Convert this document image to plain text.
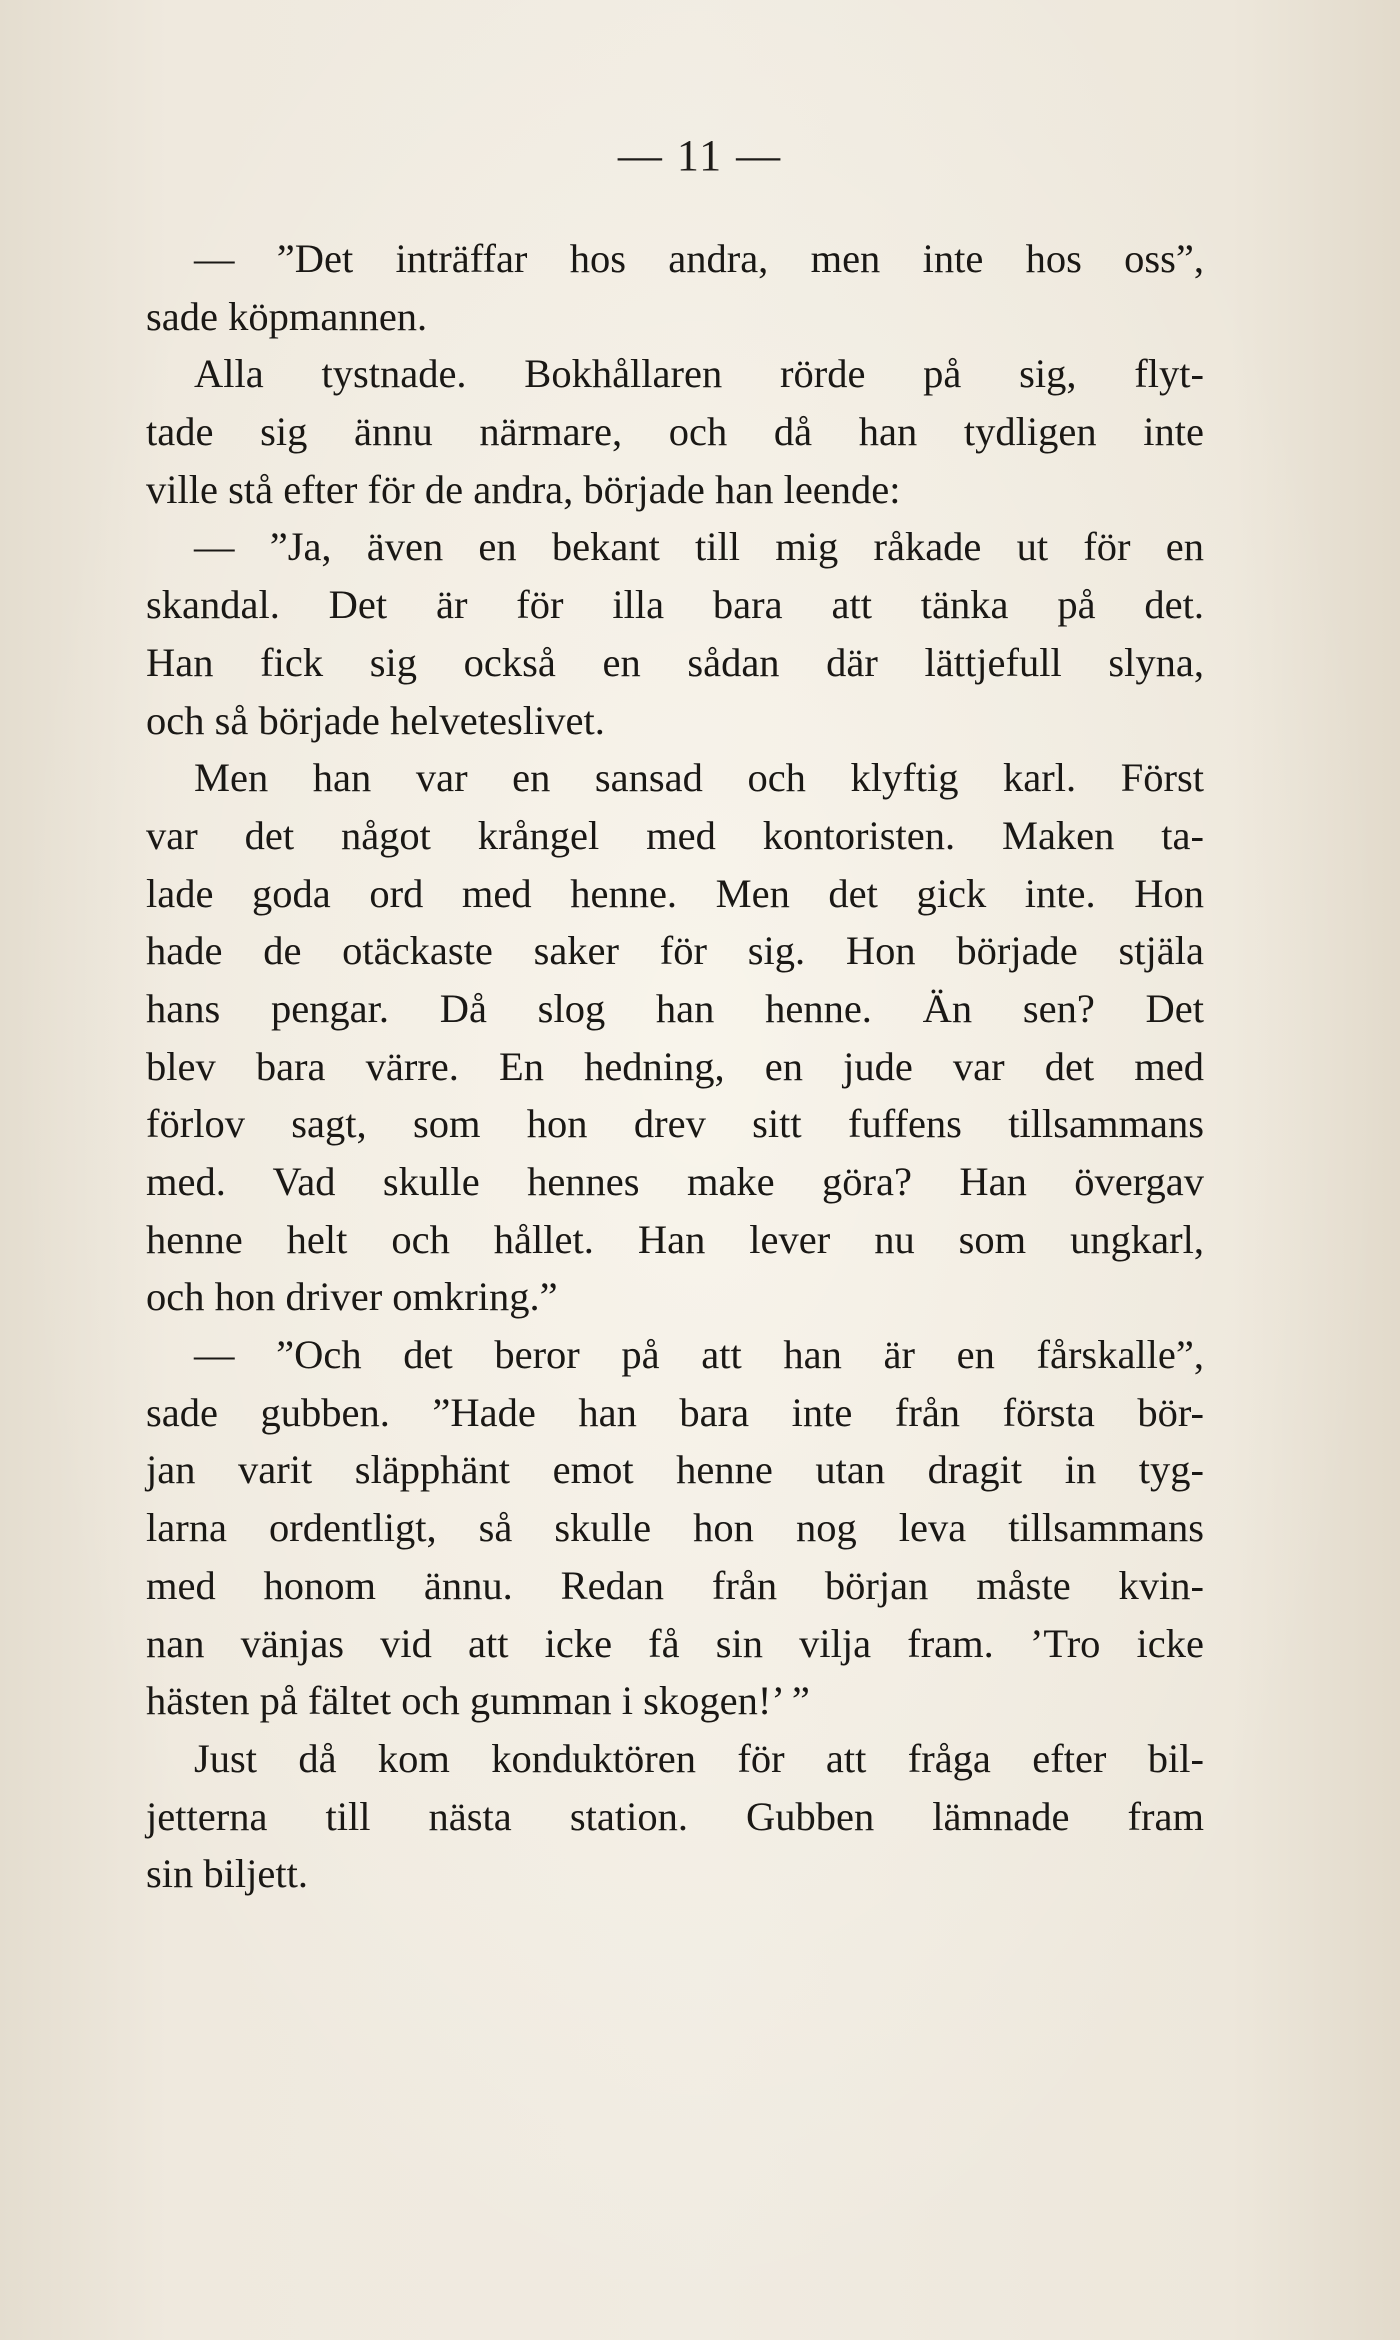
— 11 —
— ”Det inträffar hos andra, men inte hos oss”,
sade köpmannen.
Alla tystnade. Bokhållaren rörde på sig, flyt-
tade sig ännu närmare, och då han tydligen inte
ville stå efter för de andra, började han leende:
— ”Ja, även en bekant till mig råkade ut för en
skandal. Det är för illa bara att tänka på det.
Han fick sig också en sådan där lättjefull slyna,
och så började helveteslivet.
Men han var en sansad och klyftig karl. Först
var det något krångel med kontoristen. Maken ta-
lade goda ord med henne. Men det gick inte. Hon
hade de otäckaste saker för sig. Hon började stjäla
hans pengar. Då slog han henne. Än sen? Det
blev bara värre. En hedning, en jude var det med
förlov sagt, som hon drev sitt fuffens tillsammans
med. Vad skulle hennes make göra? Han övergav
henne helt och hållet. Han lever nu som ungkarl,
och hon driver omkring.”
— ”Och det beror på att han är en fårskalle”,
sade gubben. ”Hade han bara inte från första bör-
jan varit släpphänt emot henne utan dragit in tyg-
larna ordentligt, så skulle hon nog leva tillsammans
med honom ännu. Redan från början måste kvin-
nan vänjas vid att icke få sin vilja fram. ’Tro icke
hästen på fältet och gumman i skogen!’ ”
Just då kom konduktören för att fråga efter bil-
jetterna till nästa station. Gubben lämnade fram
sin biljett.
